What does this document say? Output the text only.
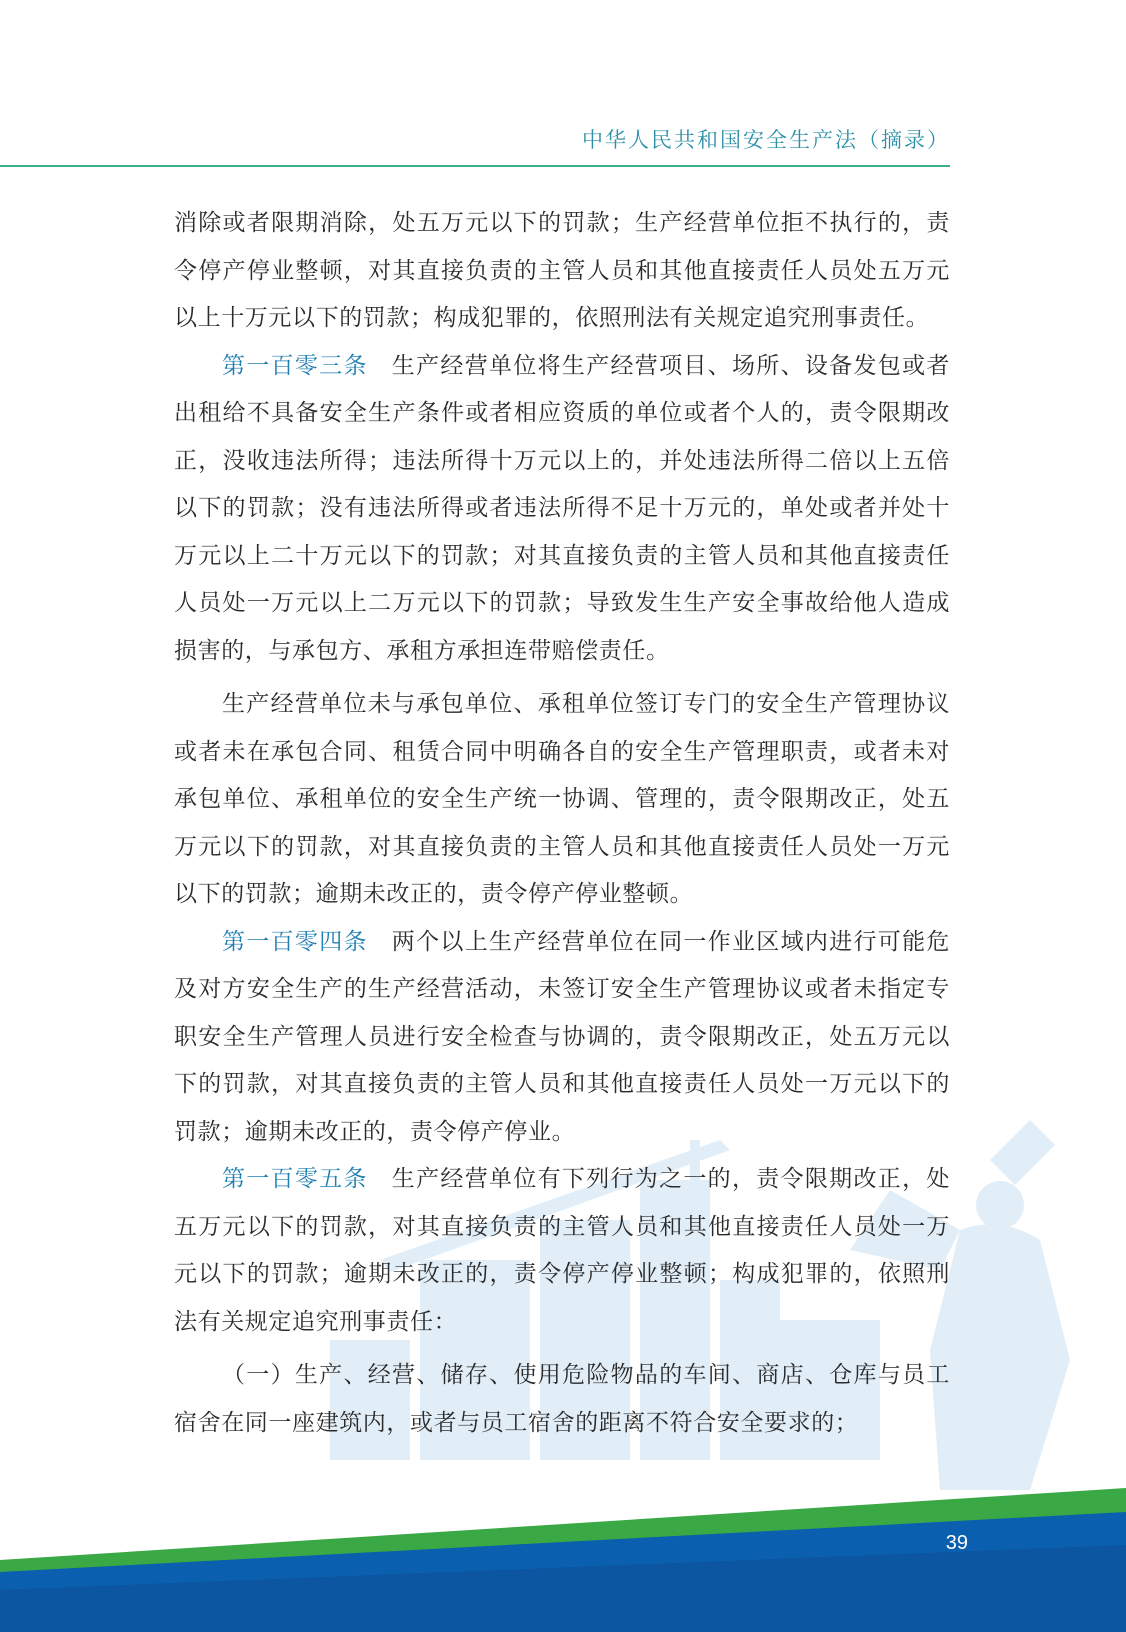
中华人民共和国安全生产法（摘录）

消除或者限期消除，处五万元以下的罚款；生产经营单位拒不执行的，责令停产停业整顿，对其直接负责的主管人员和其他直接责任人员处五万元以上十万元以下的罚款；构成犯罪的，依照刑法有关规定追究刑事责任。

第一百零三条 生产经营单位将生产经营项目、场所、设备发包或者出租给不具备安全生产条件或者相应资质的单位或者个人的，责令限期改正，没收违法所得；违法所得十万元以上的，并处违法所得二倍以上五倍以下的罚款；没有违法所得或者违法所得不足十万元的，单处或者并处十万元以上二十万元以下的罚款；对其直接负责的主管人员和其他直接责任人员处一万元以上二万元以下的罚款；导致发生生产安全事故给他人造成损害的，与承包方、承租方承担连带赔偿责任。

生产经营单位未与承包单位、承租单位签订专门的安全生产管理协议或者未在承包合同、租赁合同中明确各自的安全生产管理职责，或者未对承包单位、承租单位的安全生产统一协调、管理的，责令限期改正，处五万元以下的罚款，对其直接负责的主管人员和其他直接责任人员处一万元以下的罚款；逾期未改正的，责令停产停业整顿。

第一百零四条 两个以上生产经营单位在同一作业区域内进行可能危及对方安全生产的生产经营活动，未签订安全生产管理协议或者未指定专职安全生产管理人员进行安全检查与协调的，责令限期改正，处五万元以下的罚款，对其直接负责的主管人员和其他直接责任人员处一万元以下的罚款；逾期未改正的，责令停产停业。

第一百零五条 生产经营单位有下列行为之一的，责令限期改正，处五万元以下的罚款，对其直接负责的主管人员和其他直接责任人员处一万元以下的罚款；逾期未改正的，责令停产停业整顿；构成犯罪的，依照刑法有关规定追究刑事责任：

（一）生产、经营、储存、使用危险物品的车间、商店、仓库与员工宿舍在同一座建筑内，或者与员工宿舍的距离不符合安全要求的；

39
